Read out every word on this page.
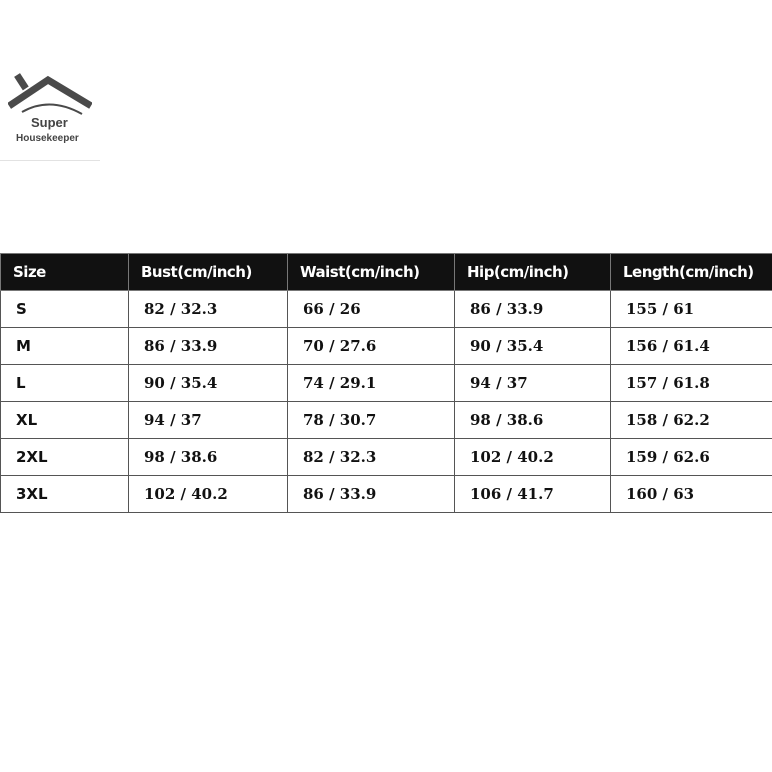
Super
Housekeeper
Size	Bust(cm/inch)	Waist(cm/inch)	Hip(cm/inch)	Length(cm/inch)
S	82 / 32.3	66 / 26	86 / 33.9	155 / 61
M	86 / 33.9	70 / 27.6	90 / 35.4	156 / 61.4
L	90 / 35.4	74 / 29.1	94 / 37	157 / 61.8
XL	94 / 37	78 / 30.7	98 / 38.6	158 / 62.2
2XL	98 / 38.6	82 / 32.3	102 / 40.2	159 / 62.6
3XL	102 / 40.2	86 / 33.9	106 / 41.7	160 / 63
